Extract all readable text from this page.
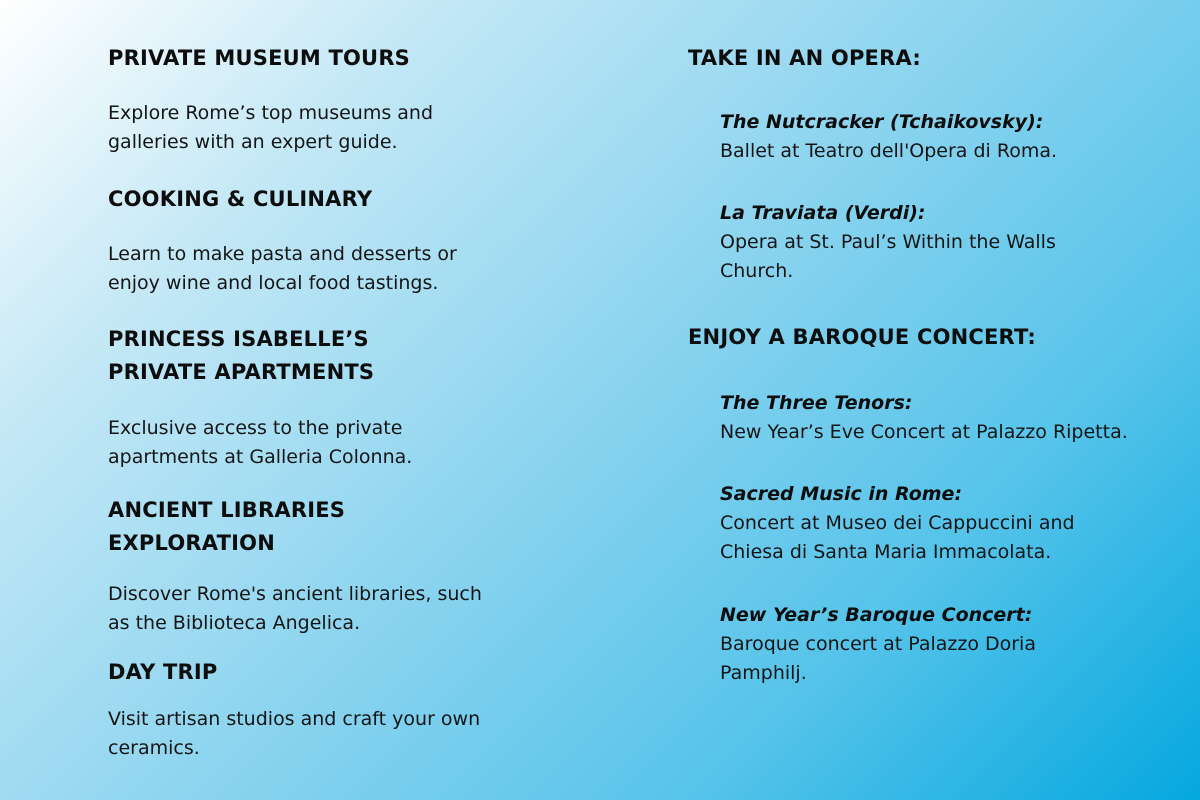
PRIVATE MUSEUM TOURS

Explore Rome’s top museums and
galleries with an expert guide.

COOKING & CULINARY

Learn to make pasta and desserts or
enjoy wine and local food tastings.

PRINCESS ISABELLE’S
PRIVATE APARTMENTS

Exclusive access to the private
apartments at Galleria Colonna.

ANCIENT LIBRARIES
EXPLORATION

Discover Rome's ancient libraries, such
as the Biblioteca Angelica.

DAY TRIP

Visit artisan studios and craft your own
ceramics.

TAKE IN AN OPERA:
The Nutcracker (Tchaikovsky):
Ballet at Teatro dell'Opera di Roma.
La Traviata (Verdi):
Opera at St. Paul’s Within the Walls
Church.
ENJOY A BAROQUE CONCERT:
The Three Tenors:
New Year’s Eve Concert at Palazzo Ripetta.
Sacred Music in Rome:
Concert at Museo dei Cappuccini and
Chiesa di Santa Maria Immacolata.
New Year’s Baroque Concert:
Baroque concert at Palazzo Doria
Pamphilj.
